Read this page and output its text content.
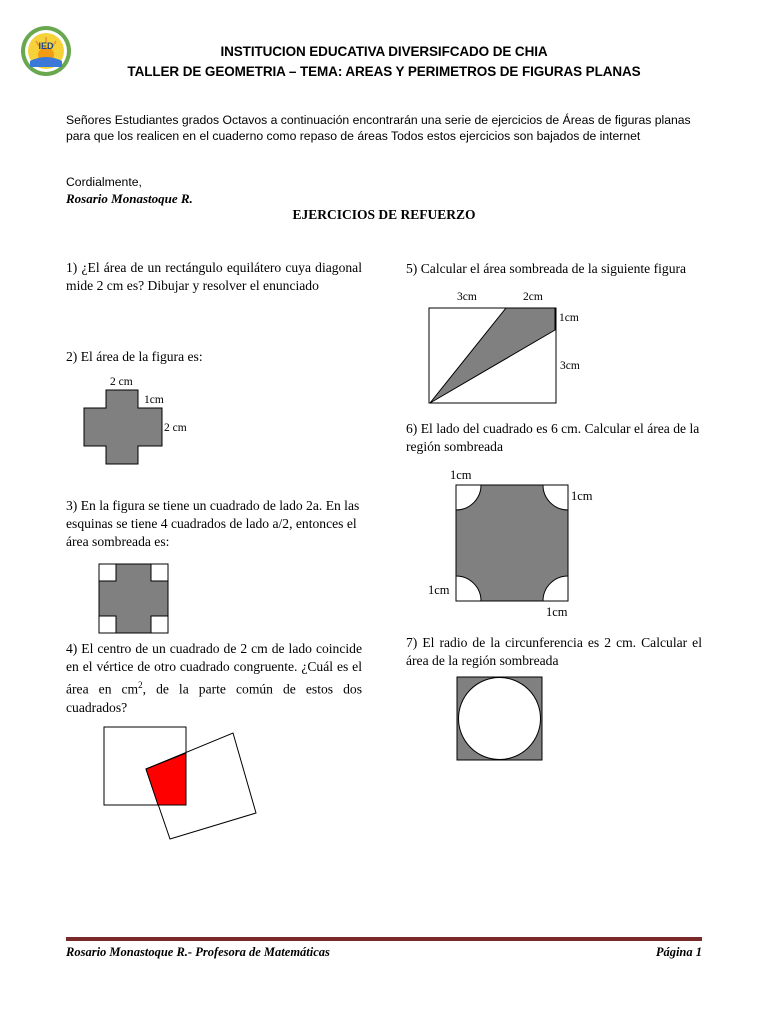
IED	INSTITUCION EDUCATIVA DIVERSIFCADO DE CHIA
TALLER DE GEOMETRIA – TEMA: AREAS Y PERIMETROS DE FIGURAS PLANAS
Señores Estudiantes grados Octavos a continuación encontrarán una serie de ejercicios de Áreas de figuras planas para que los realicen en el cuaderno como repaso de áreas Todos estos ejercicios son bajados de internet
Cordialmente,
Rosario Monastoque R.
EJERCICIOS DE REFUERZO
1) ¿El área de un rectángulo equilátero cuya diagonal mide 2 cm es? Dibujar y resolver el enunciado
2) El área de la figura es:
2 cm
1cm
2 cm
3) En la figura se tiene un cuadrado de lado 2a. En las esquinas se tiene 4 cuadrados de lado a/2, entonces el área sombreada es:
4) El centro de un cuadrado de 2 cm de lado coincide en el vértice de otro cuadrado congruente. ¿Cuál es el área en $cm^2$, de la parte común de estos dos cuadrados?
5) Calcular el área sombreada de la siguiente figura
3cm	2cm
1cm
3cm
6) El lado del cuadrado es 6 cm. Calcular el área de la región sombreada
1cm
1cm
1cm
1cm
7) El radio de la circunferencia es 2 cm. Calcular el área de la región sombreada
Rosario Monastoque R.- Profesora de Matemáticas	Página 1
